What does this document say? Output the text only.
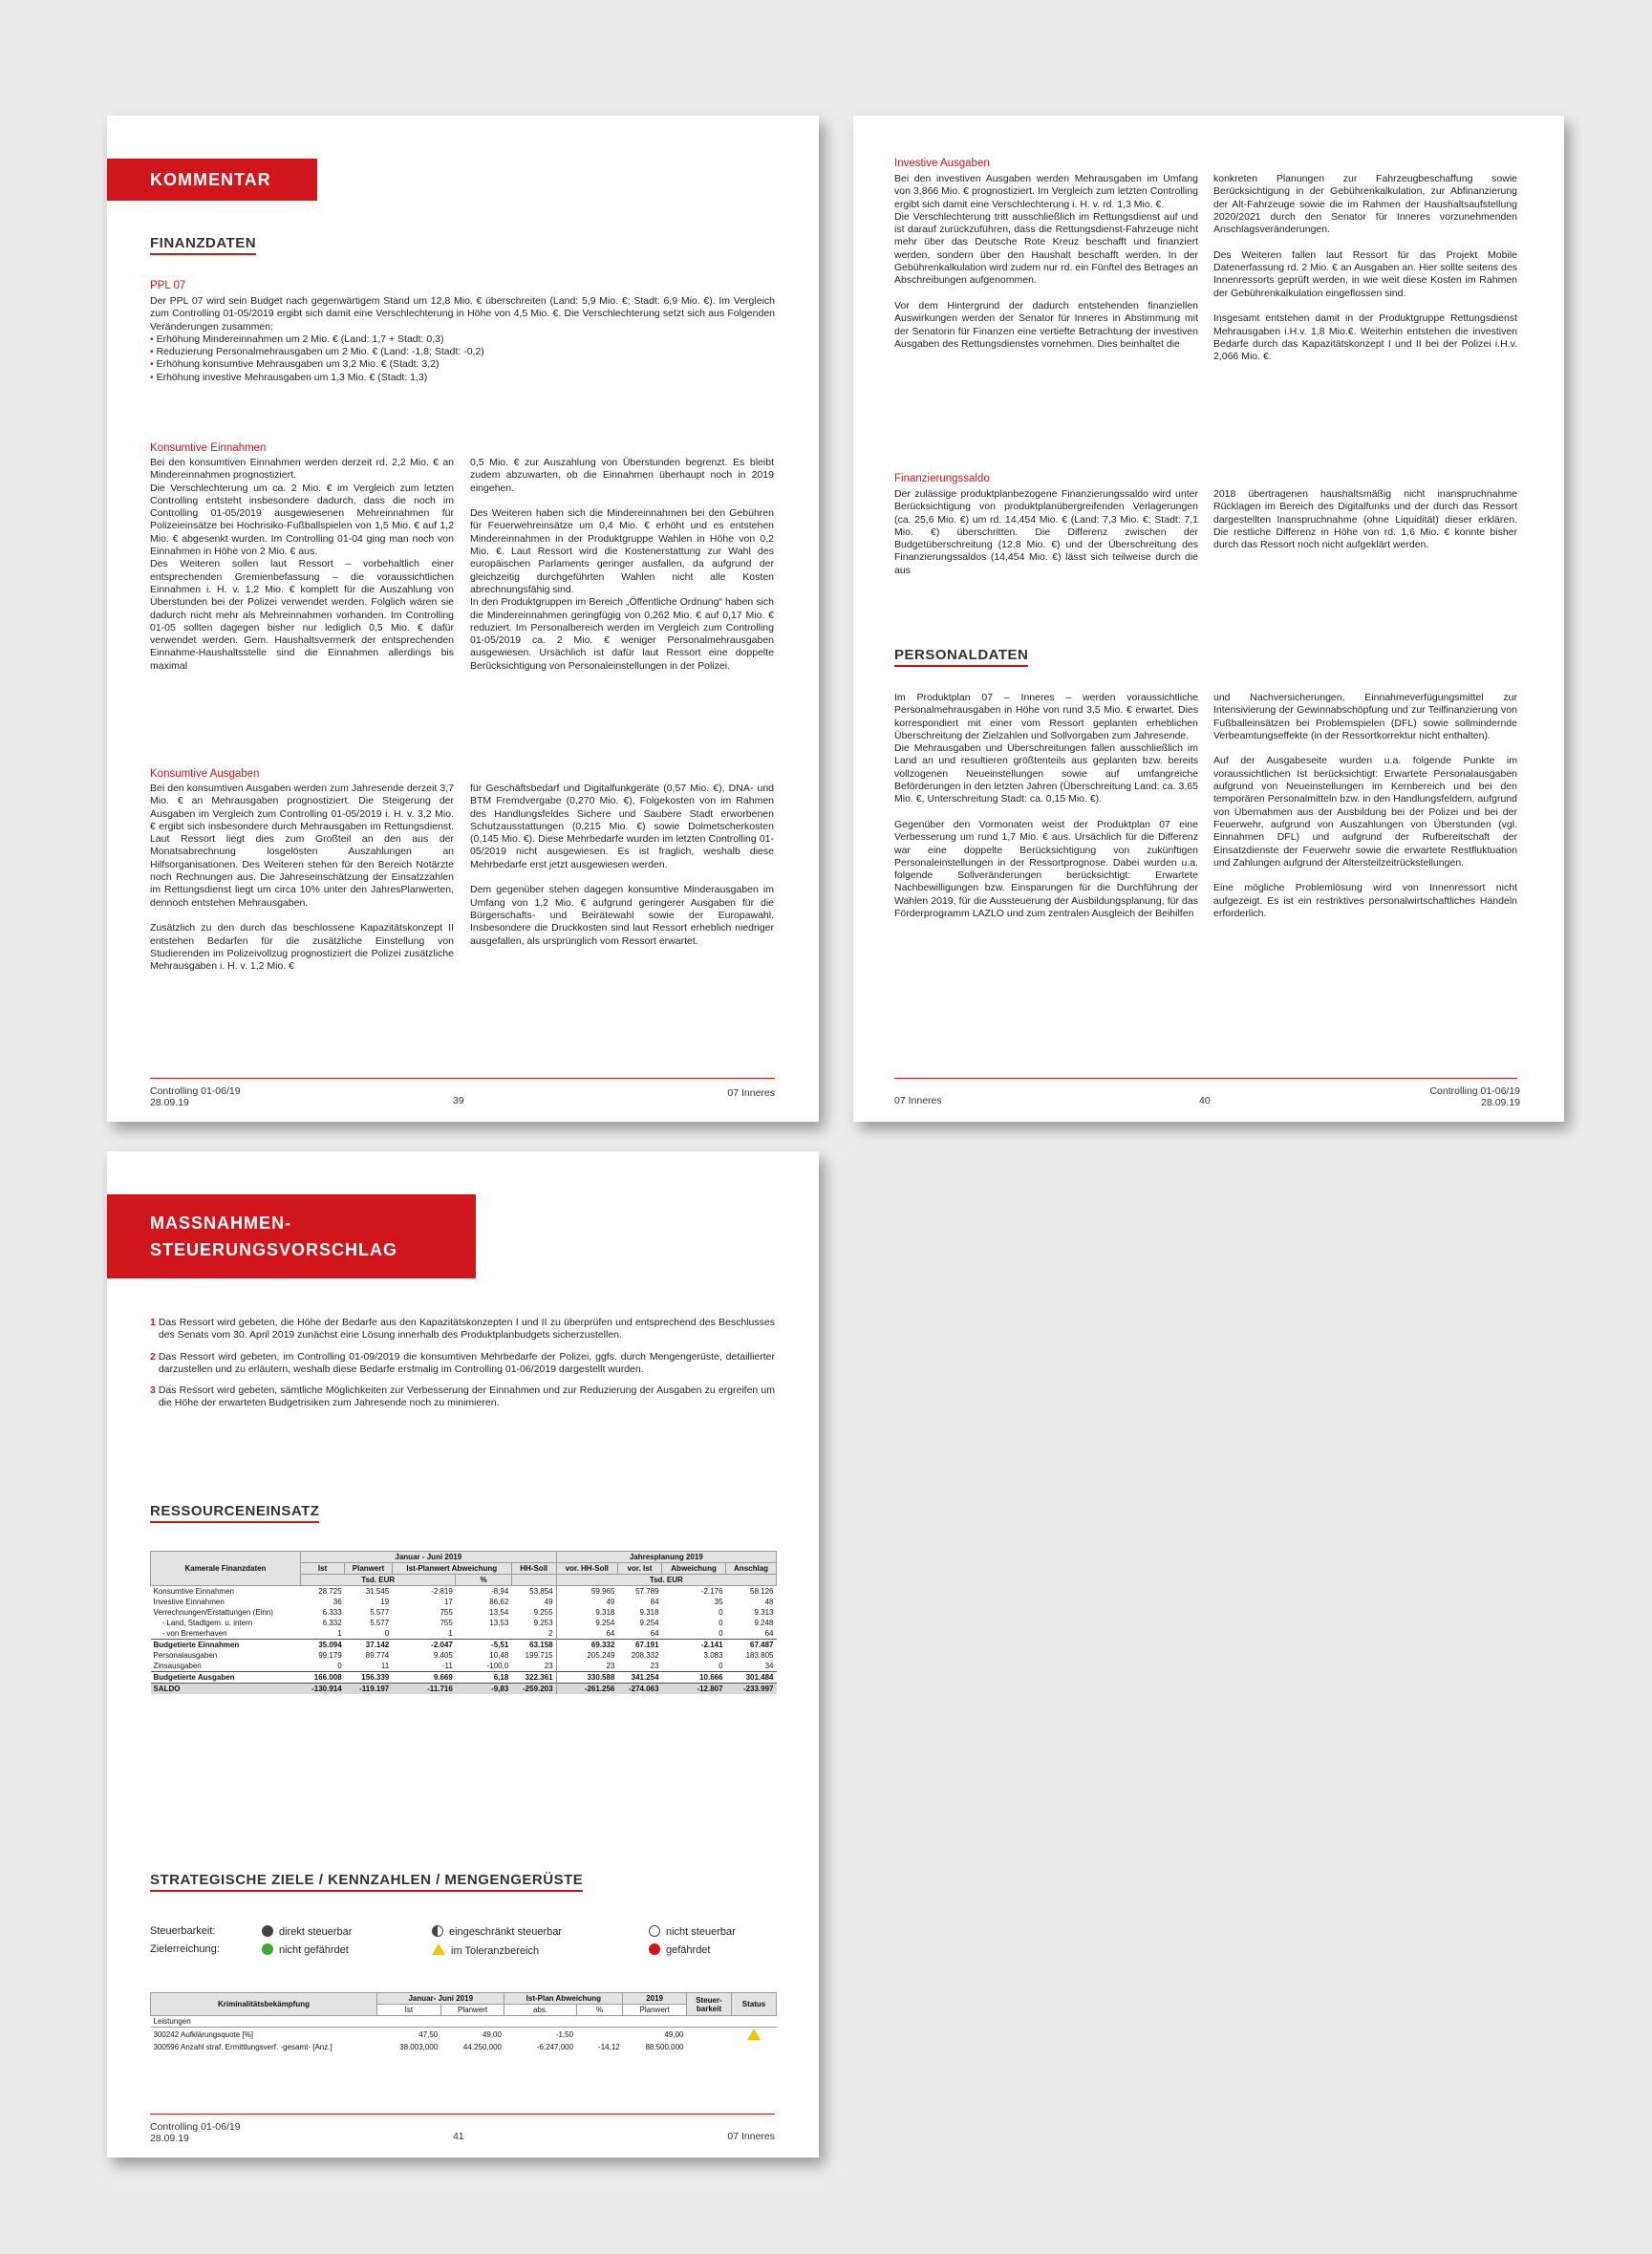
KOMMENTAR
FINANZDATEN
PPL 07

Der PPL 07 wird sein Budget nach gegenwärtigem Stand um 12,8 Mio. € überschreiten (Land: 5,9 Mio. €; Stadt: 6,9 Mio. €). Im Vergleich zum Controlling 01-05/2019 ergibt sich damit eine Verschlechterung in Höhe von 4,5 Mio. €. Die Verschlechterung setzt sich aus Folgenden Veränderungen zusammen:

• Erhöhung Mindereinnahmen um 2 Mio. € (Land: 1,7 + Stadt: 0,3)
• Reduzierung Personalmehrausgaben um 2 Mio. € (Land: -1,8; Stadt: -0,2)
• Erhöhung konsumtive Mehrausgaben um 3,2 Mio. € (Stadt: 3,2)
• Erhöhung investive Mehrausgaben um 1,3 Mio. € (Stadt: 1,3)
Konsumtive Einnahmen

Bei den konsumtiven Einnahmen werden derzeit rd. 2,2 Mio. € an Mindereinnahmen prognostiziert.
Die Verschlechterung um ca. 2 Mio. € im Vergleich zum letzten Controlling entsteht insbesondere dadurch, dass die noch im Controlling 01-05/2019 ausgewiesenen Mehreinnahmen für Polizeieinsätze bei Hochrisiko-Fußballspielen von 1,5 Mio. € auf 1,2 Mio. € abgesenkt wurden. Im Controlling 01-04 ging man noch von Einnahmen in Höhe von 2 Mio. € aus.
Des Weiteren sollen laut Ressort – vorbehaltlich einer entsprechenden Gremienbefassung – die voraussichtlichen Einnahmen i. H. v. 1,2 Mio. € komplett für die Auszahlung von Überstunden bei der Polizei verwendet werden. Folglich wären sie dadurch nicht mehr als Mehreinnahmen vorhanden. Im Controlling 01-05 sollten dagegen bisher nur lediglich 0,5 Mio. € dafür verwendet werden. Gem. Haushaltsvermerk der entsprechenden Einnahme-Haushaltsstelle sind die Einnahmen allerdings bis maximal

0,5 Mio. € zur Auszahlung von Überstunden begrenzt. Es bleibt zudem abzuwarten, ob die Einnahmen überhaupt noch in 2019 eingehen.

Des Weiteren haben sich die Mindereinnahmen bei den Gebühren für Feuerwehreinsätze um 0,4 Mio. € erhöht und es entstehen Mindereinnahmen in der Produktgruppe Wahlen in Höhe von 0,2 Mio. €. Laut Ressort wird die Kostenerstattung zur Wahl des europäischen Parlaments geringer ausfallen, da aufgrund der gleichzeitig durchgeführten Wahlen nicht alle Kosten abrechnungsfähig sind.
In den Produktgruppen im Bereich „Öffentliche Ordnung“ haben sich die Mindereinnahmen geringfügig von 0,262 Mio. € auf 0,17 Mio. € reduziert. Im Personalbereich werden im Vergleich zum Controlling 01-05/2019 ca. 2 Mio. € weniger Personalmehrausgaben ausgewiesen. Ursächlich ist dafür laut Ressort eine doppelte Berücksichtigung von Personaleinstellungen in der Polizei.

Konsumtive Ausgaben

Bei den konsumtiven Ausgaben werden zum Jahresende derzeit 3,7 Mio. € an Mehrausgaben prognostiziert. Die Steigerung der Ausgaben im Vergleich zum Controlling 01-05/2019 i. H. v. 3,2 Mio. € ergibt sich insbesondere durch Mehrausgaben im Rettungsdienst. Laut Ressort liegt dies zum Großteil an den aus der Monatsabrechnung losgelösten Auszahlungen an Hilfsorganisationen. Des Weiteren stehen für den Bereich Notärzte noch Rechnungen aus. Die Jahreseinschätzung der Einsatzzahlen im Rettungsdienst liegt um circa 10% unter den JahresPlanwerten, dennoch entstehen Mehrausgaben.

Zusätzlich zu den durch das beschlossene Kapazitätskonzept II entstehen Bedarfen für die zusätzliche Einstellung von Studierenden im Polizeivollzug prognostiziert die Polizei zusätzliche Mehrausgaben i. H. v. 1,2 Mio. €

für Geschäftsbedarf und Digitalfunkgeräte (0,57 Mio. €), DNA- und BTM Fremdvergabe (0,270 Mio. €), Folgekosten von im Rahmen des Handlungsfeldes Sichere und Saubere Stadt erworbenen Schutzausstattungen (0,215 Mio. €) sowie Dolmetscherkosten (0,145 Mio. €). Diese Mehrbedarfe wurden im letzten Controlling 01-05/2019 nicht ausgewiesen. Es ist fraglich, weshalb diese Mehrbedarfe erst jetzt ausgewiesen werden.

Dem gegenüber stehen dagegen konsumtive Minderausgaben im Umfang von 1,2 Mio. € aufgrund geringerer Ausgaben für die Bürgerschafts- und Beirätewahl sowie der Europawahl. Insbesondere die Druckkosten sind laut Ressort erheblich niedriger ausgefallen, als ursprünglich vom Ressort erwartet.

Controlling 01-06/19
28.09.19	39
07 Inneres
Investive Ausgaben

Bei den investiven Ausgaben werden Mehrausgaben im Umfang von 3,866 Mio. € prognostiziert. Im Vergleich zum letzten Controlling ergibt sich damit eine Verschlechterung i. H. v. rd. 1,3 Mio. €.
Die Verschlechterung tritt ausschließlich im Rettungsdienst auf und ist darauf zurückzuführen, dass die Rettungsdienst-Fahrzeuge nicht mehr über das Deutsche Rote Kreuz beschafft und finanziert werden, sondern über den Haushalt beschafft werden. In der Gebührenkalkulation wird zudem nur rd. ein Fünftel des Betrages an Abschreibungen aufgenommen.

Vor dem Hintergrund der dadurch entstehenden finanziellen Auswirkungen werden der Senator für Inneres in Abstimmung mit der Senatorin für Finanzen eine vertiefte Betrachtung der investiven Ausgaben des Rettungsdienstes vornehmen. Dies beinhaltet die

konkreten Planungen zur Fahrzeugbeschaffung sowie Berücksichtigung in der Gebührenkalkulation, zur Abfinanzierung der Alt-Fahrzeuge sowie die im Rahmen der Haushaltsaufstellung 2020/2021 durch den Senator für Inneres vorzunehmenden Anschlagsveränderungen.

Des Weiteren fallen laut Ressort für das Projekt Mobile Datenerfassung rd. 2 Mio. € an Ausgaben an. Hier sollte seitens des Innenressorts geprüft werden, in wie weit diese Kosten im Rahmen der Gebührenkalkulation eingeflossen sind.

Insgesamt entstehen damit in der Produktgruppe Rettungsdienst Mehrausgaben i.H.v. 1,8 Mio.€. Weiterhin entstehen die investiven Bedarfe durch das Kapazitätskonzept I und II bei der Polizei i.H.v. 2,066 Mio. €.

Finanzierungssaldo

Der zulässige produktplanbezogene Finanzierungssaldo wird unter Berücksichtigung von produktplanübergreifenden Verlagerungen (ca. 25,6 Mio. €) um rd. 14,454 Mio. € (Land: 7,3 Mio. €; Stadt: 7,1 Mio. €) überschritten. Die Differenz zwischen der Budgetüberschreitung (12,8 Mio. €) und der Überschreitung des Finanzierungssaldos (14,454 Mio. €) lässt sich teilweise durch die aus

2018 übertragenen haushaltsmäßig nicht inanspruchnahme Rücklagen im Bereich des Digitalfunks und der durch das Ressort dargestellten Inanspruchnahme (ohne Liquidität) dieser erklären. Die restliche Differenz in Höhe von rd. 1,6 Mio. € konnte bisher durch das Ressort noch nicht aufgeklärt werden.

PERSONALDATEN

Im Produktplan 07 – Inneres – werden voraussichtliche Personalmehrausgaben in Höhe von rund 3,5 Mio. € erwartet. Dies korrespondiert mit einer vom Ressort geplanten erheblichen Überschreitung der Zielzahlen und Sollvorgaben zum Jahresende.
Die Mehrausgaben und Überschreitungen fallen ausschließlich im Land an und resultieren größtenteils aus geplanten bzw. bereits vollzogenen Neueinstellungen sowie auf umfangreiche Beförderungen in den letzten Jahren (Überschreitung Land: ca. 3,65 Mio. €, Unterschreitung Stadt: ca. 0,15 Mio. €).

Gegenüber den Vormonaten weist der Produktplan 07 eine Verbesserung um rund 1,7 Mio. € aus. Ursächlich für die Differenz war eine doppelte Berücksichtigung von zukünftigen Personaleinstellungen in der Ressortprognose. Dabei wurden u.a. folgende Sollveränderungen berücksichtigt: Erwartete Nachbewilligungen bzw. Einsparungen für die Durchführung der Wahlen 2019, für die Aussteuerung der Ausbildungsplanung, für das Förderprogramm LAZLO und zum zentralen Ausgleich der Beihilfen

und Nachversicherungen, Einnahmeverfügungsmittel zur Intensivierung der Gewinnabschöpfung und zur Teilfinanzierung von Fußballeinsätzen bei Problemspielen (DFL) sowie sollmindernde Verbeamtungseffekte (in der Ressortkorrektur nicht enthalten).

Auf der Ausgabeseite wurden u.a. folgende Punkte im voraussichtlichen Ist berücksichtigt: Erwartete Personalausgaben aufgrund von Neueinstellungen im Kernbereich und bei den temporären Personalmitteln bzw. in den Handlungsfeldern, aufgrund von Übernahmen aus der Ausbildung bei der Polizei und bei der Feuerwehr, aufgrund von Auszahlungen von Überstunden (vgl. Einnahmen DFL) und aufgrund der Rufbereitschaft der Einsatzdienste der Feuerwehr sowie die erwartete Restfluktuation und Zahlungen aufgrund der Altersteilzeitrückstellungen.

Eine mögliche Problemlösung wird von Innenressort nicht aufgezeigt. Es ist ein restriktives personalwirtschaftliches Handeln erforderlich.

07 Inneres	40
Controlling 01-06/19
28.09.19
MASSNAHMEN-
STEUERUNGSVORSCHLAG
1 Das Ressort wird gebeten, die Höhe der Bedarfe aus den Kapazitätskonzepten I und II zu überprüfen und entsprechend des Beschlusses des Senats vom 30. April 2019 zunächst eine Lösung innerhalb des Produktplanbudgets sicherzustellen.
2 Das Ressort wird gebeten, im Controlling 01-09/2019 die konsumtiven Mehrbedarfe der Polizei, ggfs. durch Mengengerüste, detaillierter darzustellen und zu erläutern, weshalb diese Bedarfe erstmalig im Controlling 01-06/2019 dargestellt wurden.
3 Das Ressort wird gebeten, sämtliche Möglichkeiten zur Verbesserung der Einnahmen und zur Reduzierung der Ausgaben zu ergreifen um die Höhe der erwarteten Budgetrisiken zum Jahresende noch zu minimieren.
RESSOURCENEINSATZ
Kamerale Finanzdaten	Januar - Juni 2019					Jahresplanung 2019			
	Ist	Planwert	Ist-Planwert Abweichung		HH-Soll	vor. HH-Soll	vor. Ist	Abweichung	Anschlag
	Tsd. EUR			%		Tsd. EUR			
Konsumtive Einnahmen	28.725	31.545	-2.819	-8,94	53.854	59.965	57.789	-2.176	58.126
Investive Einnahmen	36	19	17	86,62	49	49	84	35	48
Verrechnungen/Erstattungen (Einn)	6.333	5.577	755	13,54	9.255	9.318	9.318	0	9.313
- Land, Stadtgem. u. intern	6.332	5.577	755	13,53	9.253	9.254	9.254	0	9.248
- von Bremerhaven	1	0	1		2	64	64	0	64
Budgetierte Einnahmen	35.094	37.142	-2.047	-5,51	63.158	69.332	67.191	-2.141	67.487
Personalausgaben	99.179	89.774	9.405	10,48	199.715	205.249	208.332	3.083	183.805
Zinsausgaben	0	11	-11	-100,0	23	23	23	0	34
Budgetierte Ausgaben	166.008	156.339	9.669	6,18	322.361	330.588	341.254	10.666	301.484
SALDO	-130.914	-119.197	-11.716	-9,83	-259.203	-261.256	-274.063	-12.807	-233.997
STRATEGISCHE ZIELE / KENNZAHLEN / MENGENGERÜSTE
Steuerbarkeit:	direkt steuerbar	eingeschränkt steuerbar	nicht steuerbar
Zielerreichung:	nicht gefährdet	im Toleranzbereich	gefährdet
Kriminalitätsbekämpfung	Januar- Juni 2019		Ist-Plan Abweichung		2019	Steuer-barkeit	Status
	Ist	Planwert	abs.	%	Planwert		
Leistungen							
300242 Aufklärungsquote [%]	47,50	49,00	-1,50		49,00		
300596 Anzahl straf. Ermittlungsverf. -gesamt- [Anz.]	38.003,000	44.250,000	-6.247,000	-14,12	88.500,000		
Controlling 01-06/19
28.09.19	41	07 Inneres
